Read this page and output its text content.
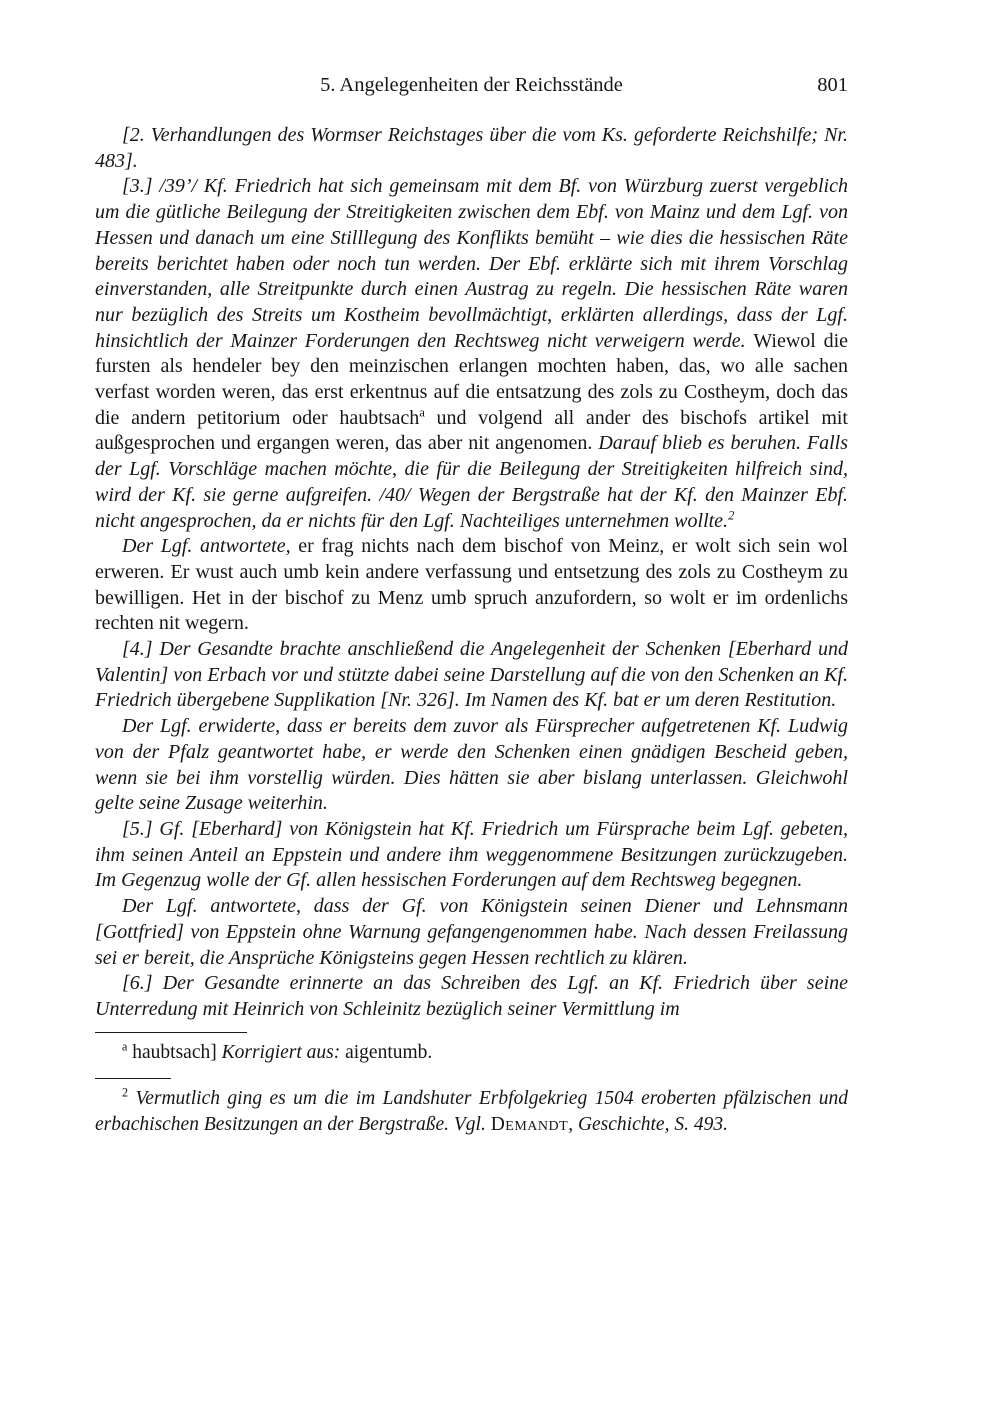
5. Angelegenheiten der Reichsstände	801

[2. Verhandlungen des Wormser Reichstages über die vom Ks. geforderte Reichshilfe; Nr. 483].

[3.] /39’/ Kf. Friedrich hat sich gemeinsam mit dem Bf. von Würzburg zuerst vergeblich um die gütliche Beilegung der Streitigkeiten zwischen dem Ebf. von Mainz und dem Lgf. von Hessen und danach um eine Stilllegung des Konflikts bemüht – wie dies die hessischen Räte bereits berichtet haben oder noch tun werden. Der Ebf. erklärte sich mit ihrem Vorschlag einverstanden, alle Streitpunkte durch einen Austrag zu regeln. Die hessischen Räte waren nur bezüglich des Streits um Kostheim bevollmächtigt, erklärten allerdings, dass der Lgf. hinsichtlich der Mainzer Forderungen den Rechtsweg nicht verweigern werde. Wiewol die fursten als hendeler bey den meinzischen erlangen mochten haben, das, wo alle sachen verfast worden weren, das erst erkentnus auf die entsatzung des zols zu Costheym, doch das die andern petitorium oder haubtsach$^a$ und volgend all ander des bischofs artikel mit außgesprochen und ergangen weren, das aber nit angenomen. Darauf blieb es beruhen. Falls der Lgf. Vorschläge machen möchte, die für die Beilegung der Streitigkeiten hilfreich sind, wird der Kf. sie gerne aufgreifen. /40/ Wegen der Bergstraße hat der Kf. den Mainzer Ebf. nicht angesprochen, da er nichts für den Lgf. Nachteiliges unternehmen wollte.$^2$

Der Lgf. antwortete, er frag nichts nach dem bischof von Meinz, er wolt sich sein wol erweren. Er wust auch umb kein andere verfassung und entsetzung des zols zu Costheym zu bewilligen. Het in der bischof zu Menz umb spruch anzufordern, so wolt er im ordenlichs rechten nit wegern.

[4.] Der Gesandte brachte anschließend die Angelegenheit der Schenken [Eberhard und Valentin] von Erbach vor und stützte dabei seine Darstellung auf die von den Schenken an Kf. Friedrich übergebene Supplikation [Nr. 326]. Im Namen des Kf. bat er um deren Restitution.

Der Lgf. erwiderte, dass er bereits dem zuvor als Fürsprecher aufgetretenen Kf. Ludwig von der Pfalz geantwortet habe, er werde den Schenken einen gnädigen Bescheid geben, wenn sie bei ihm vorstellig würden. Dies hätten sie aber bislang unterlassen. Gleichwohl gelte seine Zusage weiterhin.

[5.] Gf. [Eberhard] von Königstein hat Kf. Friedrich um Fürsprache beim Lgf. gebeten, ihm seinen Anteil an Eppstein und andere ihm weggenommene Besitzungen zurückzugeben. Im Gegenzug wolle der Gf. allen hessischen Forderungen auf dem Rechtsweg begegnen.

Der Lgf. antwortete, dass der Gf. von Königstein seinen Diener und Lehnsmann [Gottfried] von Eppstein ohne Warnung gefangengenommen habe. Nach dessen Freilassung sei er bereit, die Ansprüche Königsteins gegen Hessen rechtlich zu klären.

[6.] Der Gesandte erinnerte an das Schreiben des Lgf. an Kf. Friedrich über seine Unterredung mit Heinrich von Schleinitz bezüglich seiner Vermittlung im

$^a$ haubtsach] Korrigiert aus: aigentumb.

$^2$ Vermutlich ging es um die im Landshuter Erbfolgekrieg 1504 eroberten pfälzischen und erbachischen Besitzungen an der Bergstraße. Vgl. Demandt, Geschichte, S. 493.
